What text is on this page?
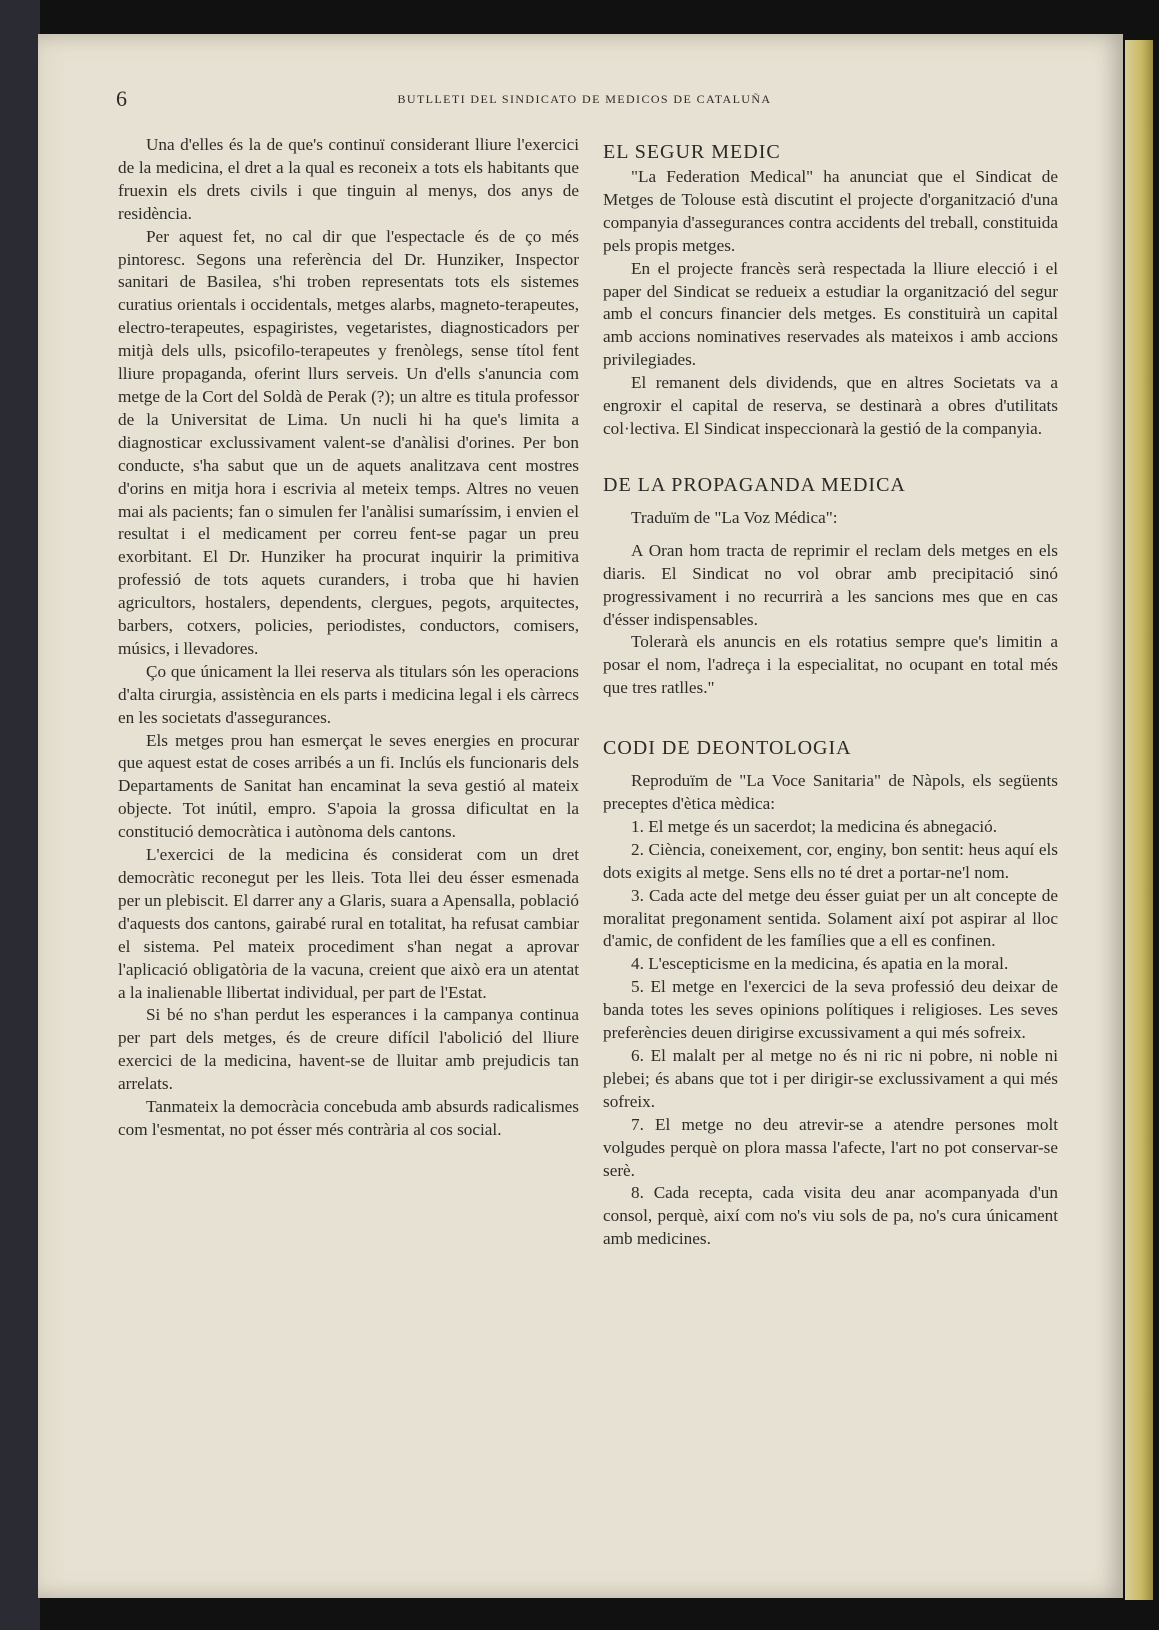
6	BUTLLETI DEL SINDICATO DE MEDICOS DE CATALUÑA

Una d'elles és la de que's continuï considerant lliure l'exercici de la medicina, el dret a la qual es reconeix a tots els habitants que fruexin els drets civils i que tinguin al menys, dos anys de residència.

Per aquest fet, no cal dir que l'espectacle és de ço més pintoresc. Segons una referència del Dr. Hunziker, Inspector sanitari de Basilea, s'hi troben representats tots els sistemes curatius orientals i occidentals, metges alarbs, magneto-terapeutes, electro-terapeutes, espagiristes, vegetaristes, diagnosticadors per mitjà dels ulls, psicofilo-terapeutes y frenòlegs, sense títol fent lliure propaganda, oferint llurs serveis. Un d'ells s'anuncia com metge de la Cort del Soldà de Perak (?); un altre es titula professor de la Universitat de Lima. Un nucli hi ha que's limita a diagnosticar exclussivament valent-se d'anàlisi d'orines. Per bon conducte, s'ha sabut que un de aquets analitzava cent mostres d'orins en mitja hora i escrivia al meteix temps. Altres no veuen mai als pacients; fan o simulen fer l'anàlisi sumaríssim, i envien el resultat i el medicament per correu fent-se pagar un preu exorbitant. El Dr. Hunziker ha procurat inquirir la primitiva professió de tots aquets curanders, i troba que hi havien agricultors, hostalers, dependents, clergues, pegots, arquitectes, barbers, cotxers, policies, periodistes, conductors, comisers, músics, i llevadores.

Ço que únicament la llei reserva als titulars són les operacions d'alta cirurgia, assistència en els parts i medicina legal i els càrrecs en les societats d'assegurances.

Els metges prou han esmerçat le seves energies en procurar que aquest estat de coses arribés a un fi. Inclús els funcionaris dels Departaments de Sanitat han encaminat la seva gestió al mateix objecte. Tot inútil, empro. S'apoia la grossa dificultat en la constitució democràtica i autònoma dels cantons.

L'exercici de la medicina és considerat com un dret democràtic reconegut per les lleis. Tota llei deu ésser esmenada per un plebiscit. El darrer any a Glaris, suara a Apensalla, població d'aquests dos cantons, gairabé rural en totalitat, ha refusat cambiar el sistema. Pel mateix procediment s'han negat a aprovar l'aplicació obligatòria de la vacuna, creient que això era un atentat a la inalienable llibertat individual, per part de l'Estat.

Si bé no s'han perdut les esperances i la campanya continua per part dels metges, és de creure difícil l'abolició del lliure exercici de la medicina, havent-se de lluitar amb prejudicis tan arrelats.

Tanmateix la democràcia concebuda amb absurds radicalismes com l'esmentat, no pot ésser més contrària al cos social.

EL SEGUR MEDIC

"La Federation Medical" ha anunciat que el Sindicat de Metges de Tolouse està discutint el projecte d'organització d'una companyia d'assegurances contra accidents del treball, constituida pels propis metges.

En el projecte francès serà respectada la lliure elecció i el paper del Sindicat se redueix a estudiar la organització del segur amb el concurs financier dels metges. Es constituirà un capital amb accions nominatives reservades als mateixos i amb accions privilegiades.

El remanent dels dividends, que en altres Societats va a engroxir el capital de reserva, se destinarà a obres d'utilitats col·lectiva. El Sindicat inspeccionarà la gestió de la companyia.

DE LA PROPAGANDA MEDICA

Traduïm de "La Voz Médica":

A Oran hom tracta de reprimir el reclam dels metges en els diaris. El Sindicat no vol obrar amb precipitació sinó progressivament i no recurrirà a les sancions mes que en cas d'ésser indispensables.

Tolerarà els anuncis en els rotatius sempre que's limitin a posar el nom, l'adreça i la especialitat, no ocupant en total més que tres ratlles."

CODI DE DEONTOLOGIA

Reproduïm de "La Voce Sanitaria" de Nàpols, els següents preceptes d'ètica mèdica:

1. El metge és un sacerdot; la medicina és abnegació.

2. Ciència, coneixement, cor, enginy, bon sentit: heus aquí els dots exigits al metge. Sens ells no té dret a portar-ne'l nom.

3. Cada acte del metge deu ésser guiat per un alt concepte de moralitat pregonament sentida. Solament així pot aspirar al lloc d'amic, de confident de les famílies que a ell es confinen.

4. L'escepticisme en la medicina, és apatia en la moral.

5. El metge en l'exercici de la seva professió deu deixar de banda totes les seves opinions polítiques i religioses. Les seves preferències deuen dirigirse excussivament a qui més sofreix.

6. El malalt per al metge no és ni ric ni pobre, ni noble ni plebei; és abans que tot i per dirigir-se exclussivament a qui més sofreix.

7. El metge no deu atrevir-se a atendre persones molt volgudes perquè on plora massa l'afecte, l'art no pot conservar-se serè.

8. Cada recepta, cada visita deu anar acompanyada d'un consol, perquè, així com no's viu sols de pa, no's cura únicament amb medicines.
